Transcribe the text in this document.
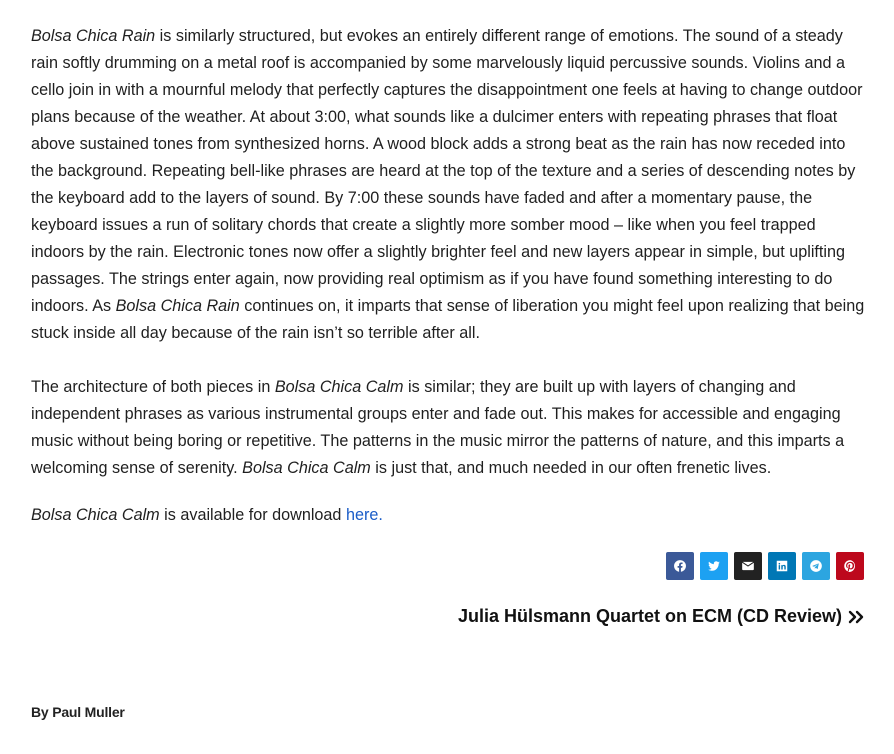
Bolsa Chica Rain is similarly structured, but evokes an entirely different range of emotions. The sound of a steady rain softly drumming on a metal roof is accompanied by some marvelously liquid percussive sounds. Violins and a cello join in with a mournful melody that perfectly captures the disappointment one feels at having to change outdoor plans because of the weather. At about 3:00, what sounds like a dulcimer enters with repeating phrases that float above sustained tones from synthesized horns. A wood block adds a strong beat as the rain has now receded into the background. Repeating bell-like phrases are heard at the top of the texture and a series of descending notes by the keyboard add to the layers of sound. By 7:00 these sounds have faded and after a momentary pause, the keyboard issues a run of solitary chords that create a slightly more somber mood – like when you feel trapped indoors by the rain. Electronic tones now offer a slightly brighter feel and new layers appear in simple, but uplifting passages. The strings enter again, now providing real optimism as if you have found something interesting to do indoors. As Bolsa Chica Rain continues on, it imparts that sense of liberation you might feel upon realizing that being stuck inside all day because of the rain isn’t so terrible after all.

The architecture of both pieces in Bolsa Chica Calm is similar; they are built up with layers of changing and independent phrases as various instrumental groups enter and fade out. This makes for accessible and engaging music without being boring or repetitive. The patterns in the music mirror the patterns of nature, and this imparts a welcoming sense of serenity. Bolsa Chica Calm is just that, and much needed in our often frenetic lives.

Bolsa Chica Calm is available for download here.

Julia Hülsmann Quartet on ECM (CD Review)
By Paul Muller
